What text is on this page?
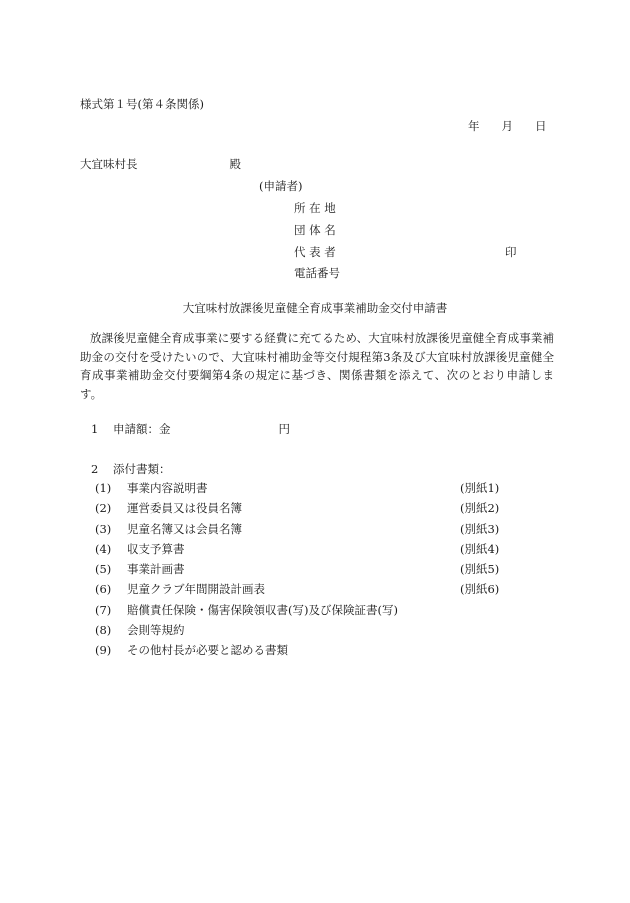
様式第１号(第４条関係)
年 月 日
大宜味村長	殿
(申請者)
所 在 地
団 体 名
代 表 者	印
電話番号
大宜味村放課後児童健全育成事業補助金交付申請書
放課後児童健全育成事業に要する経費に充てるため、大宜味村放課後児童健全育成事業補助金の交付を受けたいので、大宜味村補助金等交付規程第3条及び大宜味村放課後児童健全育成事業補助金交付要綱第4条の規定に基づき、関係書類を添えて、次のとおり申請します。
1 申請額：金	円
2 添付書類：
(1) 事業内容説明書	(別紙1)
(2) 運営委員又は役員名簿	(別紙2)
(3) 児童名簿又は会員名簿	(別紙3)
(4) 収支予算書	(別紙4)
(5) 事業計画書	(別紙5)
(6) 児童クラブ年間開設計画表	(別紙6)
(7) 賠償責任保険・傷害保険領収書(写)及び保険証書(写)
(8) 会則等規約
(9) その他村長が必要と認める書類
